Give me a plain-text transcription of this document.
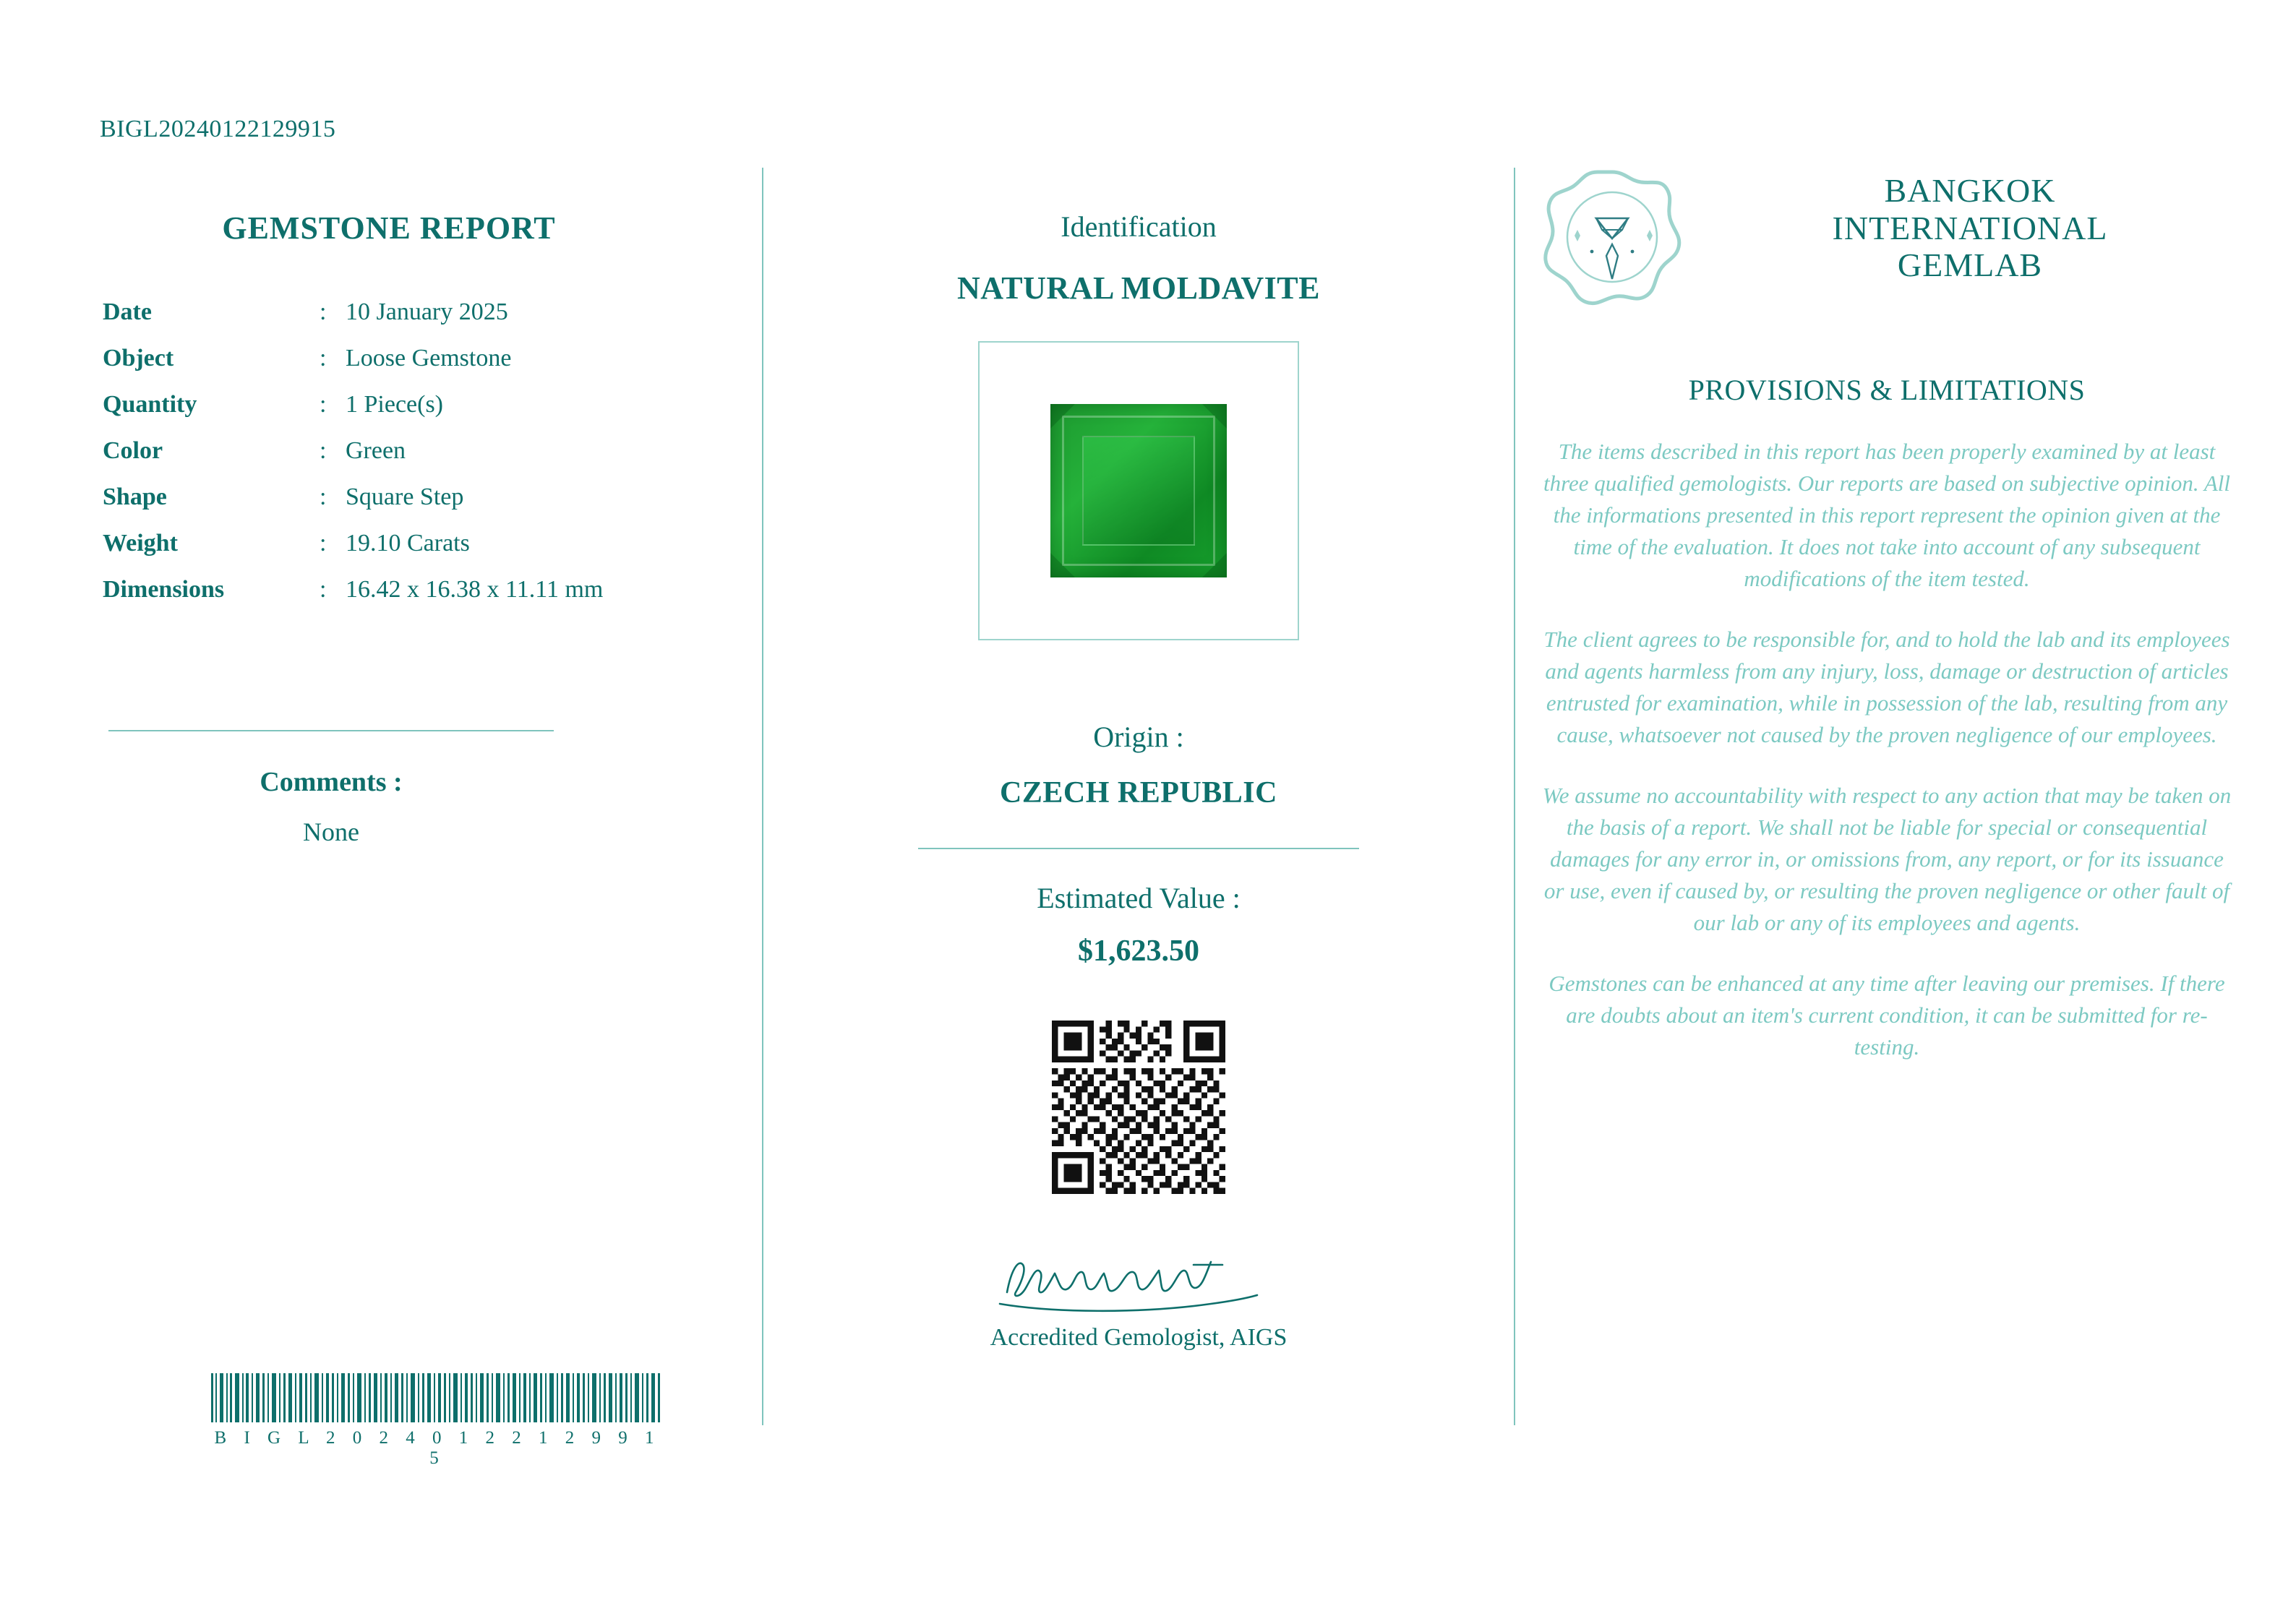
BIGL20240122129915
GEMSTONE REPORT
Date	:	10 January 2025
Object	:	Loose Gemstone
Quantity	:	1 Piece(s)
Color	:	Green
Shape	:	Square Step
Weight	:	19.10 Carats
Dimensions	:	16.42 x 16.38 x 11.11 mm
Comments :
None
B I G L 2 0 2 4 0 1 2 2 1 2 9 9 1 5
Identification
NATURAL MOLDAVITE
Origin :
CZECH REPUBLIC
Estimated Value :
$1,623.50
Accredited Gemologist, AIGS
BANGKOK
INTERNATIONAL
GEMLAB
PROVISIONS & LIMITATIONS
The items described in this report has been properly examined by at least three qualified gemologists. Our reports are based on subjective opinion. All the informations presented in this report represent the opinion given at the time of the evaluation. It does not take into account of any subsequent modifications of the item tested.
The client agrees to be responsible for, and to hold the lab and its employees and agents harmless from any injury, loss, damage or destruction of articles entrusted for examination, while in possession of the lab, resulting from any cause, whatsoever not caused by the proven negligence of our employees.
We assume no accountability with respect to any action that may be taken on the basis of a report. We shall not be liable for special or consequential damages for any error in, or omissions from, any report, or for its issuance or use, even if caused by, or resulting the proven negligence or other fault of our lab or any of its employees and agents.
Gemstones can be enhanced at any time after leaving our premises. If there are doubts about an item's current condition, it can be submitted for re-testing.
